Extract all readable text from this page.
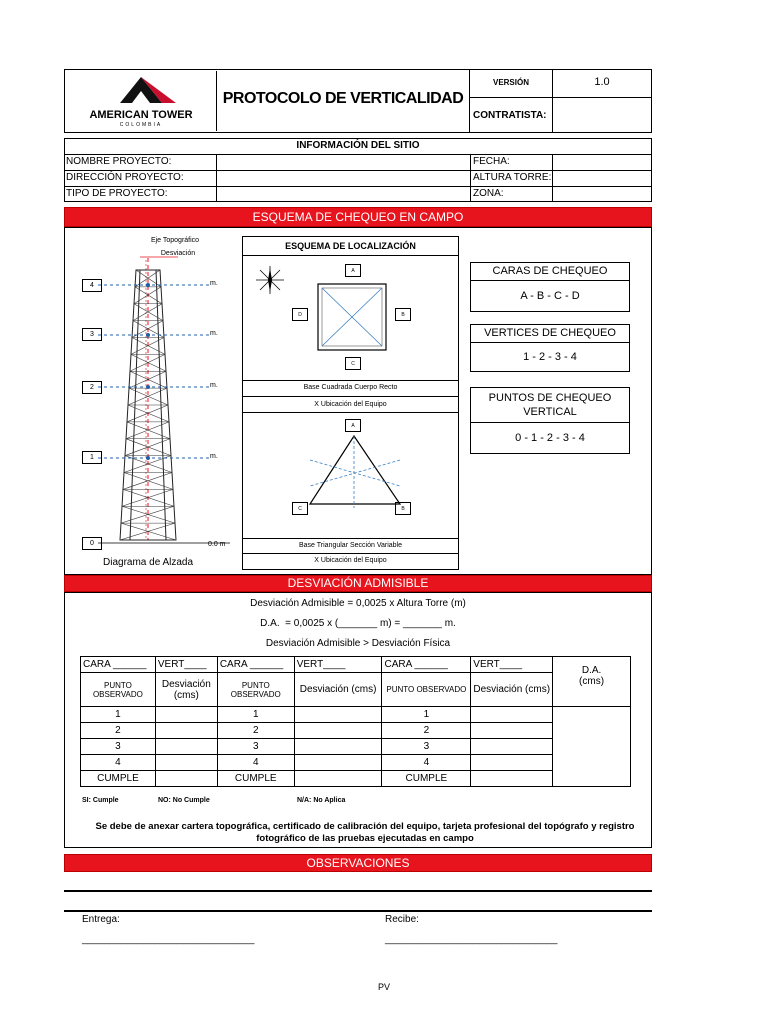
AMERICAN TOWER
COLOMBIA
PROTOCOLO DE VERTICALIDAD
VERSIÓN	1.0
CONTRATISTA:
INFORMACIÓN DEL SITIO
NOMBRE PROYECTO:
DIRECCIÓN PROYECTO:
TIPO DE PROYECTO:
FECHA:
ALTURA TORRE:
ZONA:
ESQUEMA DE CHEQUEO EN CAMPO
Eje Topográfico
Desviación
4
3
2
1
0
m.
m.
m.
m.
0.0 m
Diagrama de Alzada
ESQUEMA DE LOCALIZACIÓN
A
B
C
D
Base Cuadrada Cuerpo Recto
X Ubicación del Equipo
A
B
C
Base Triangular Sección Variable
X Ubicación del Equipo
CARAS DE CHEQUEO
A - B - C - D
VERTICES DE CHEQUEO
1 - 2 - 3 - 4
PUNTOS DE CHEQUEO VERTICAL
0 - 1 - 2 - 3 - 4
DESVIACIÓN ADMISIBLE
Desviación Admisible = 0,0025 x Altura Torre (m)
D.A.  = 0,0025 x (_______ m) = _______ m.
Desviación Admisible > Desviación Física
CARA ______	VERT____	CARA ______	VERT____	CARA ______	VERT____	D.A. (cms)
PUNTO OBSERVADO	Desviación (cms)	PUNTO OBSERVADO	Desviación (cms)	PUNTO OBSERVADO	Desviación (cms)	
1		1		1		
2		2		2		
3		3		3		
4		4		4		
CUMPLE		CUMPLE		CUMPLE		
SI: Cumple	NO: No Cumple	N/A: No Aplica
Se debe de anexar cartera topográfica, certificado de calibración del equipo, tarjeta profesional del topógrafo y registro fotográfico de las pruebas ejecutadas en campo
OBSERVACIONES
Entrega:	Recibe:
_______________________________	_______________________________
PV
